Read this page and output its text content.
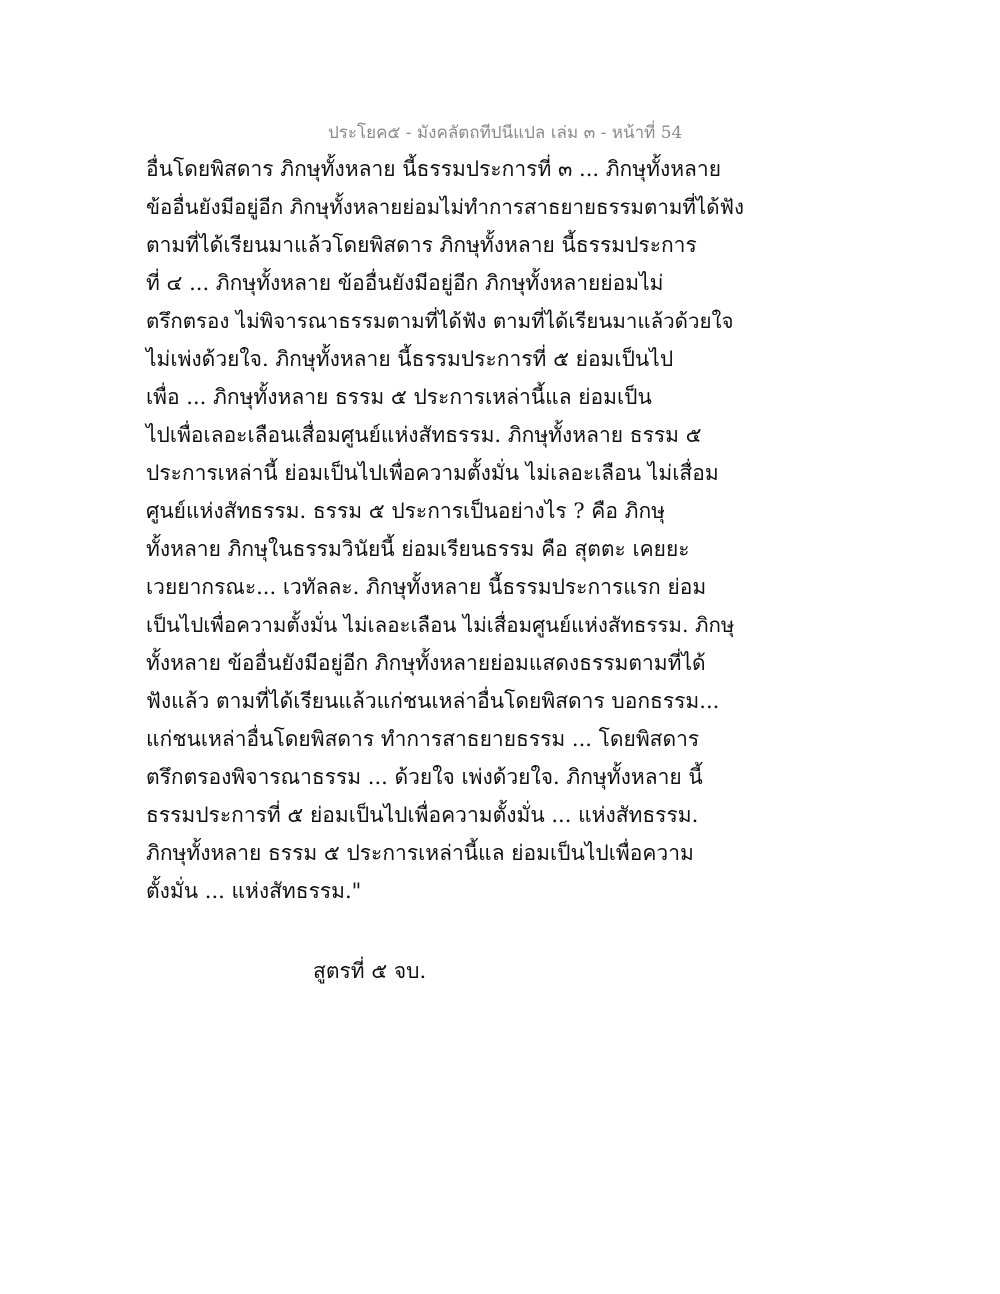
ประโยค๕ - มังคลัตถทีปนีแปล เล่ม ๓ - หน้าที่ 54
อื่นโดยพิสดาร ภิกษุทั้งหลาย นี้ธรรมประการที่ ๓ ... ภิกษุทั้งหลาย
ข้ออื่นยังมีอยู่อีก ภิกษุทั้งหลายย่อมไม่ทำการสาธยายธรรมตามที่ได้ฟัง
ตามที่ได้เรียนมาแล้วโดยพิสดาร ภิกษุทั้งหลาย นี้ธรรมประการ
ที่ ๔ ... ภิกษุทั้งหลาย ข้ออื่นยังมีอยู่อีก ภิกษุทั้งหลายย่อมไม่
ตรึกตรอง ไม่พิจารณาธรรมตามที่ได้ฟัง ตามที่ได้เรียนมาแล้วด้วยใจ
ไม่เพ่งด้วยใจ. ภิกษุทั้งหลาย นี้ธรรมประการที่ ๕ ย่อมเป็นไป
เพื่อ ... ภิกษุทั้งหลาย ธรรม ๕ ประการเหล่านี้แล ย่อมเป็น
ไปเพื่อเลอะเลือนเสื่อมศูนย์แห่งสัทธรรม. ภิกษุทั้งหลาย ธรรม ๕
ประการเหล่านี้ ย่อมเป็นไปเพื่อความตั้งมั่น ไม่เลอะเลือน ไม่เสื่อม
ศูนย์แห่งสัทธรรม. ธรรม ๕ ประการเป็นอย่างไร ? คือ ภิกษุ
ทั้งหลาย ภิกษุในธรรมวินัยนี้ ย่อมเรียนธรรม คือ สุตตะ เคยยะ
เวยยากรณะ... เวทัลละ. ภิกษุทั้งหลาย นี้ธรรมประการแรก ย่อม
เป็นไปเพื่อความตั้งมั่น ไม่เลอะเลือน ไม่เสื่อมศูนย์แห่งสัทธรรม. ภิกษุ
ทั้งหลาย ข้ออื่นยังมีอยู่อีก ภิกษุทั้งหลายย่อมแสดงธรรมตามที่ได้
ฟังแล้ว ตามที่ได้เรียนแล้วแก่ชนเหล่าอื่นโดยพิสดาร บอกธรรม...
แก่ชนเหล่าอื่นโดยพิสดาร ทำการสาธยายธรรม ... โดยพิสดาร
ตรึกตรองพิจารณาธรรม ... ด้วยใจ เพ่งด้วยใจ. ภิกษุทั้งหลาย นี้
ธรรมประการที่ ๕ ย่อมเป็นไปเพื่อความตั้งมั่น ... แห่งสัทธรรม.
ภิกษุทั้งหลาย ธรรม ๕ ประการเหล่านี้แล ย่อมเป็นไปเพื่อความ
ตั้งมั่น ... แห่งสัทธรรม."
สูตรที่ ๕ จบ.
